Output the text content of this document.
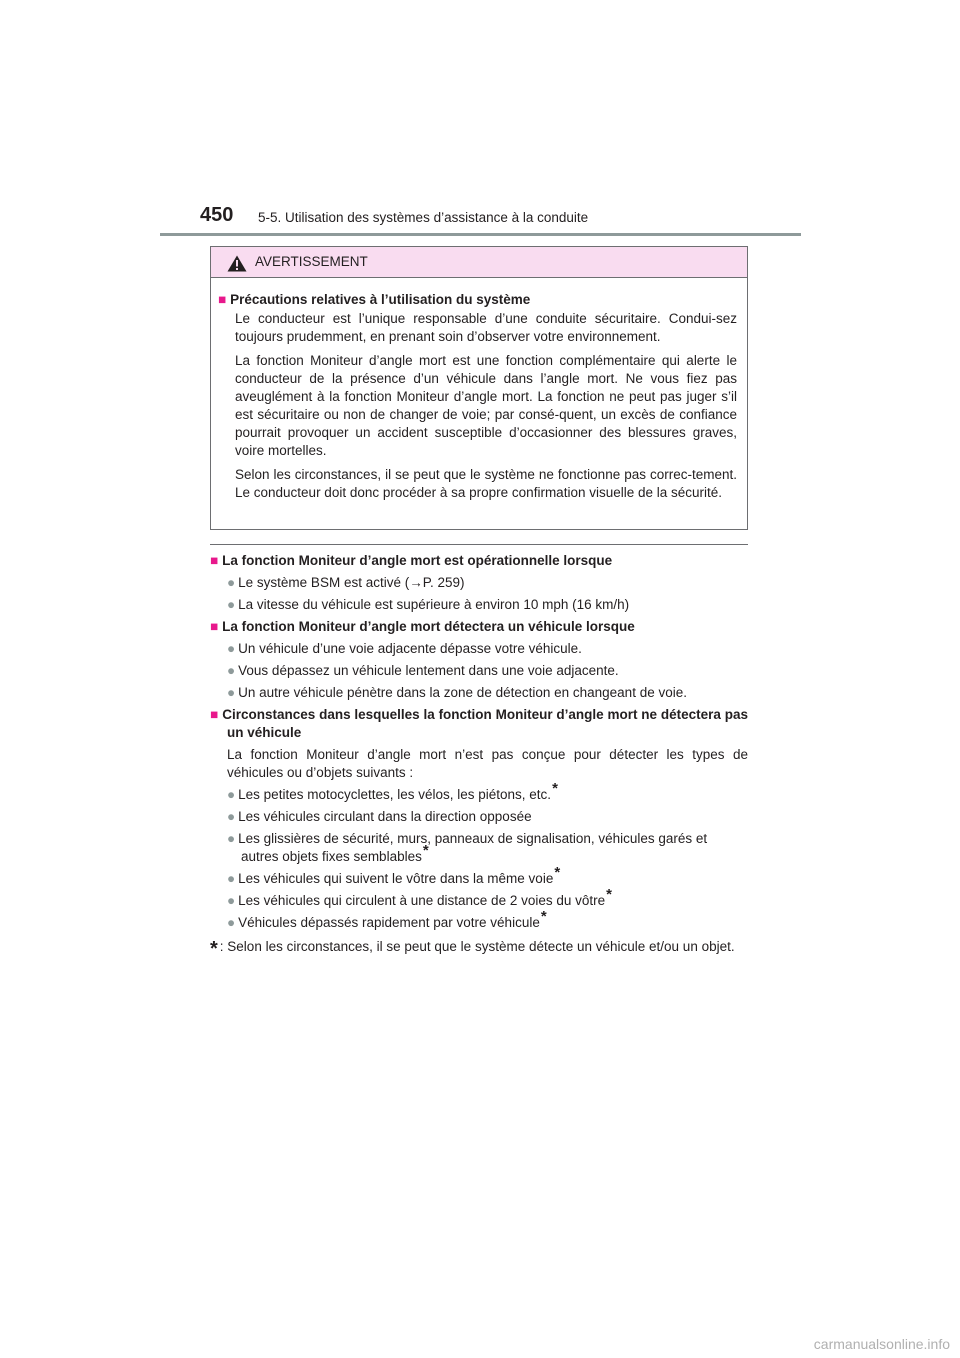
450 5-5. Utilisation des systèmes d’assistance à la conduite
AVERTISSEMENT
■ Précautions relatives à l’utilisation du système

Le conducteur est l’unique responsable d’une conduite sécuritaire. Condui-sez toujours prudemment, en prenant soin d’observer votre environnement.

La fonction Moniteur d’angle mort est une fonction complémentaire qui alerte le conducteur de la présence d’un véhicule dans l’angle mort. Ne vous fiez pas aveuglément à la fonction Moniteur d’angle mort. La fonction ne peut pas juger s’il est sécuritaire ou non de changer de voie; par consé-quent, un excès de confiance pourrait provoquer un accident susceptible d’occasionner des blessures graves, voire mortelles.

Selon les circonstances, il se peut que le système ne fonctionne pas correc-tement. Le conducteur doit donc procéder à sa propre confirmation visuelle de la sécurité.

■ La fonction Moniteur d’angle mort est opérationnelle lorsque
● Le système BSM est activé (→P. 259)
● La vitesse du véhicule est supérieure à environ 10 mph (16 km/h)
■ La fonction Moniteur d’angle mort détectera un véhicule lorsque
● Un véhicule d’une voie adjacente dépasse votre véhicule.
● Vous dépassez un véhicule lentement dans une voie adjacente.
● Un autre véhicule pénètre dans la zone de détection en changeant de voie.
■ Circonstances dans lesquelles la fonction Moniteur d’angle mort ne détectera pas un véhicule
La fonction Moniteur d’angle mort n’est pas conçue pour détecter les types de véhicules ou d’objets suivants :
● Les petites motocyclettes, les vélos, les piétons, etc.*
● Les véhicules circulant dans la direction opposée
● Les glissières de sécurité, murs, panneaux de signalisation, véhicules garés et autres objets fixes semblables*
● Les véhicules qui suivent le vôtre dans la même voie*
● Les véhicules qui circulent à une distance de 2 voies du vôtre*
● Véhicules dépassés rapidement par votre véhicule*
* : Selon les circonstances, il se peut que le système détecte un véhicule et/ou un objet.
carmanualsonline.info
